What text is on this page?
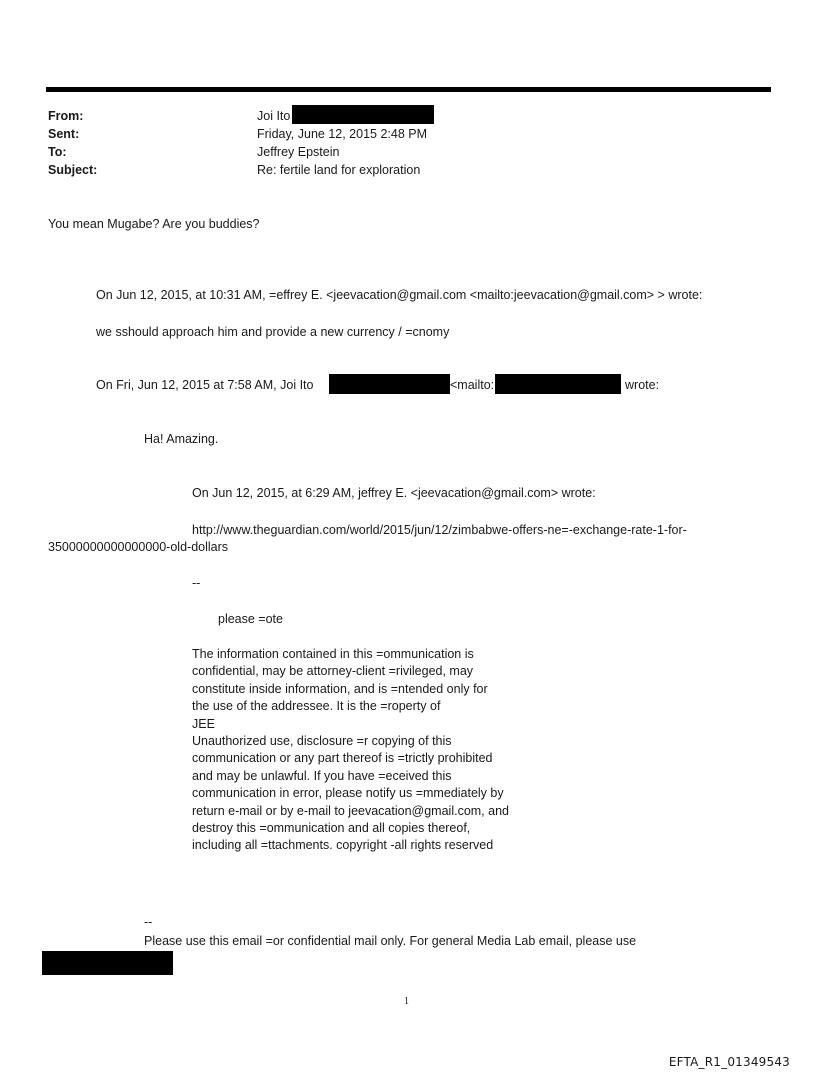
From:	Joi Ito
Sent:	Friday, June 12, 2015 2:48 PM
To:	Jeffrey Epstein
Subject:	Re: fertile land for exploration
You mean Mugabe? Are you buddies?
On Jun 12, 2015, at 10:31 AM, =effrey E. <jeevacation@gmail.com <mailto:jeevacation@gmail.com> > wrote:
we sshould approach him and provide a new currency / =cnomy
On Fri, Jun 12, 2015 at 7:58 AM, Joi Ito	<mailto:	wrote:
Ha! Amazing.
On Jun 12, 2015, at 6:29 AM, jeffrey E. <jeevacation@gmail.com> wrote:
http://www.theguardian.com/world/2015/jun/12/zimbabwe-offers-ne=-exchange-rate-1-for-
35000000000000000-old-dollars
--
please =ote
The information contained in this =ommunication is
confidential, may be attorney-client =rivileged, may
constitute inside information, and is =ntended only for
the use of the addressee. It is the =roperty of
JEE
Unauthorized use, disclosure =r copying of this
communication or any part thereof is =trictly prohibited
and may be unlawful. If you have =eceived this
communication in error, please notify us =mmediately by
return e-mail or by e-mail to jeevacation@gmail.com, and
destroy this =ommunication and all copies thereof,
including all =ttachments. copyright -all rights reserved
--
Please use this email =or confidential mail only. For general Media Lab email, please use
1
EFTA_R1_01349543
